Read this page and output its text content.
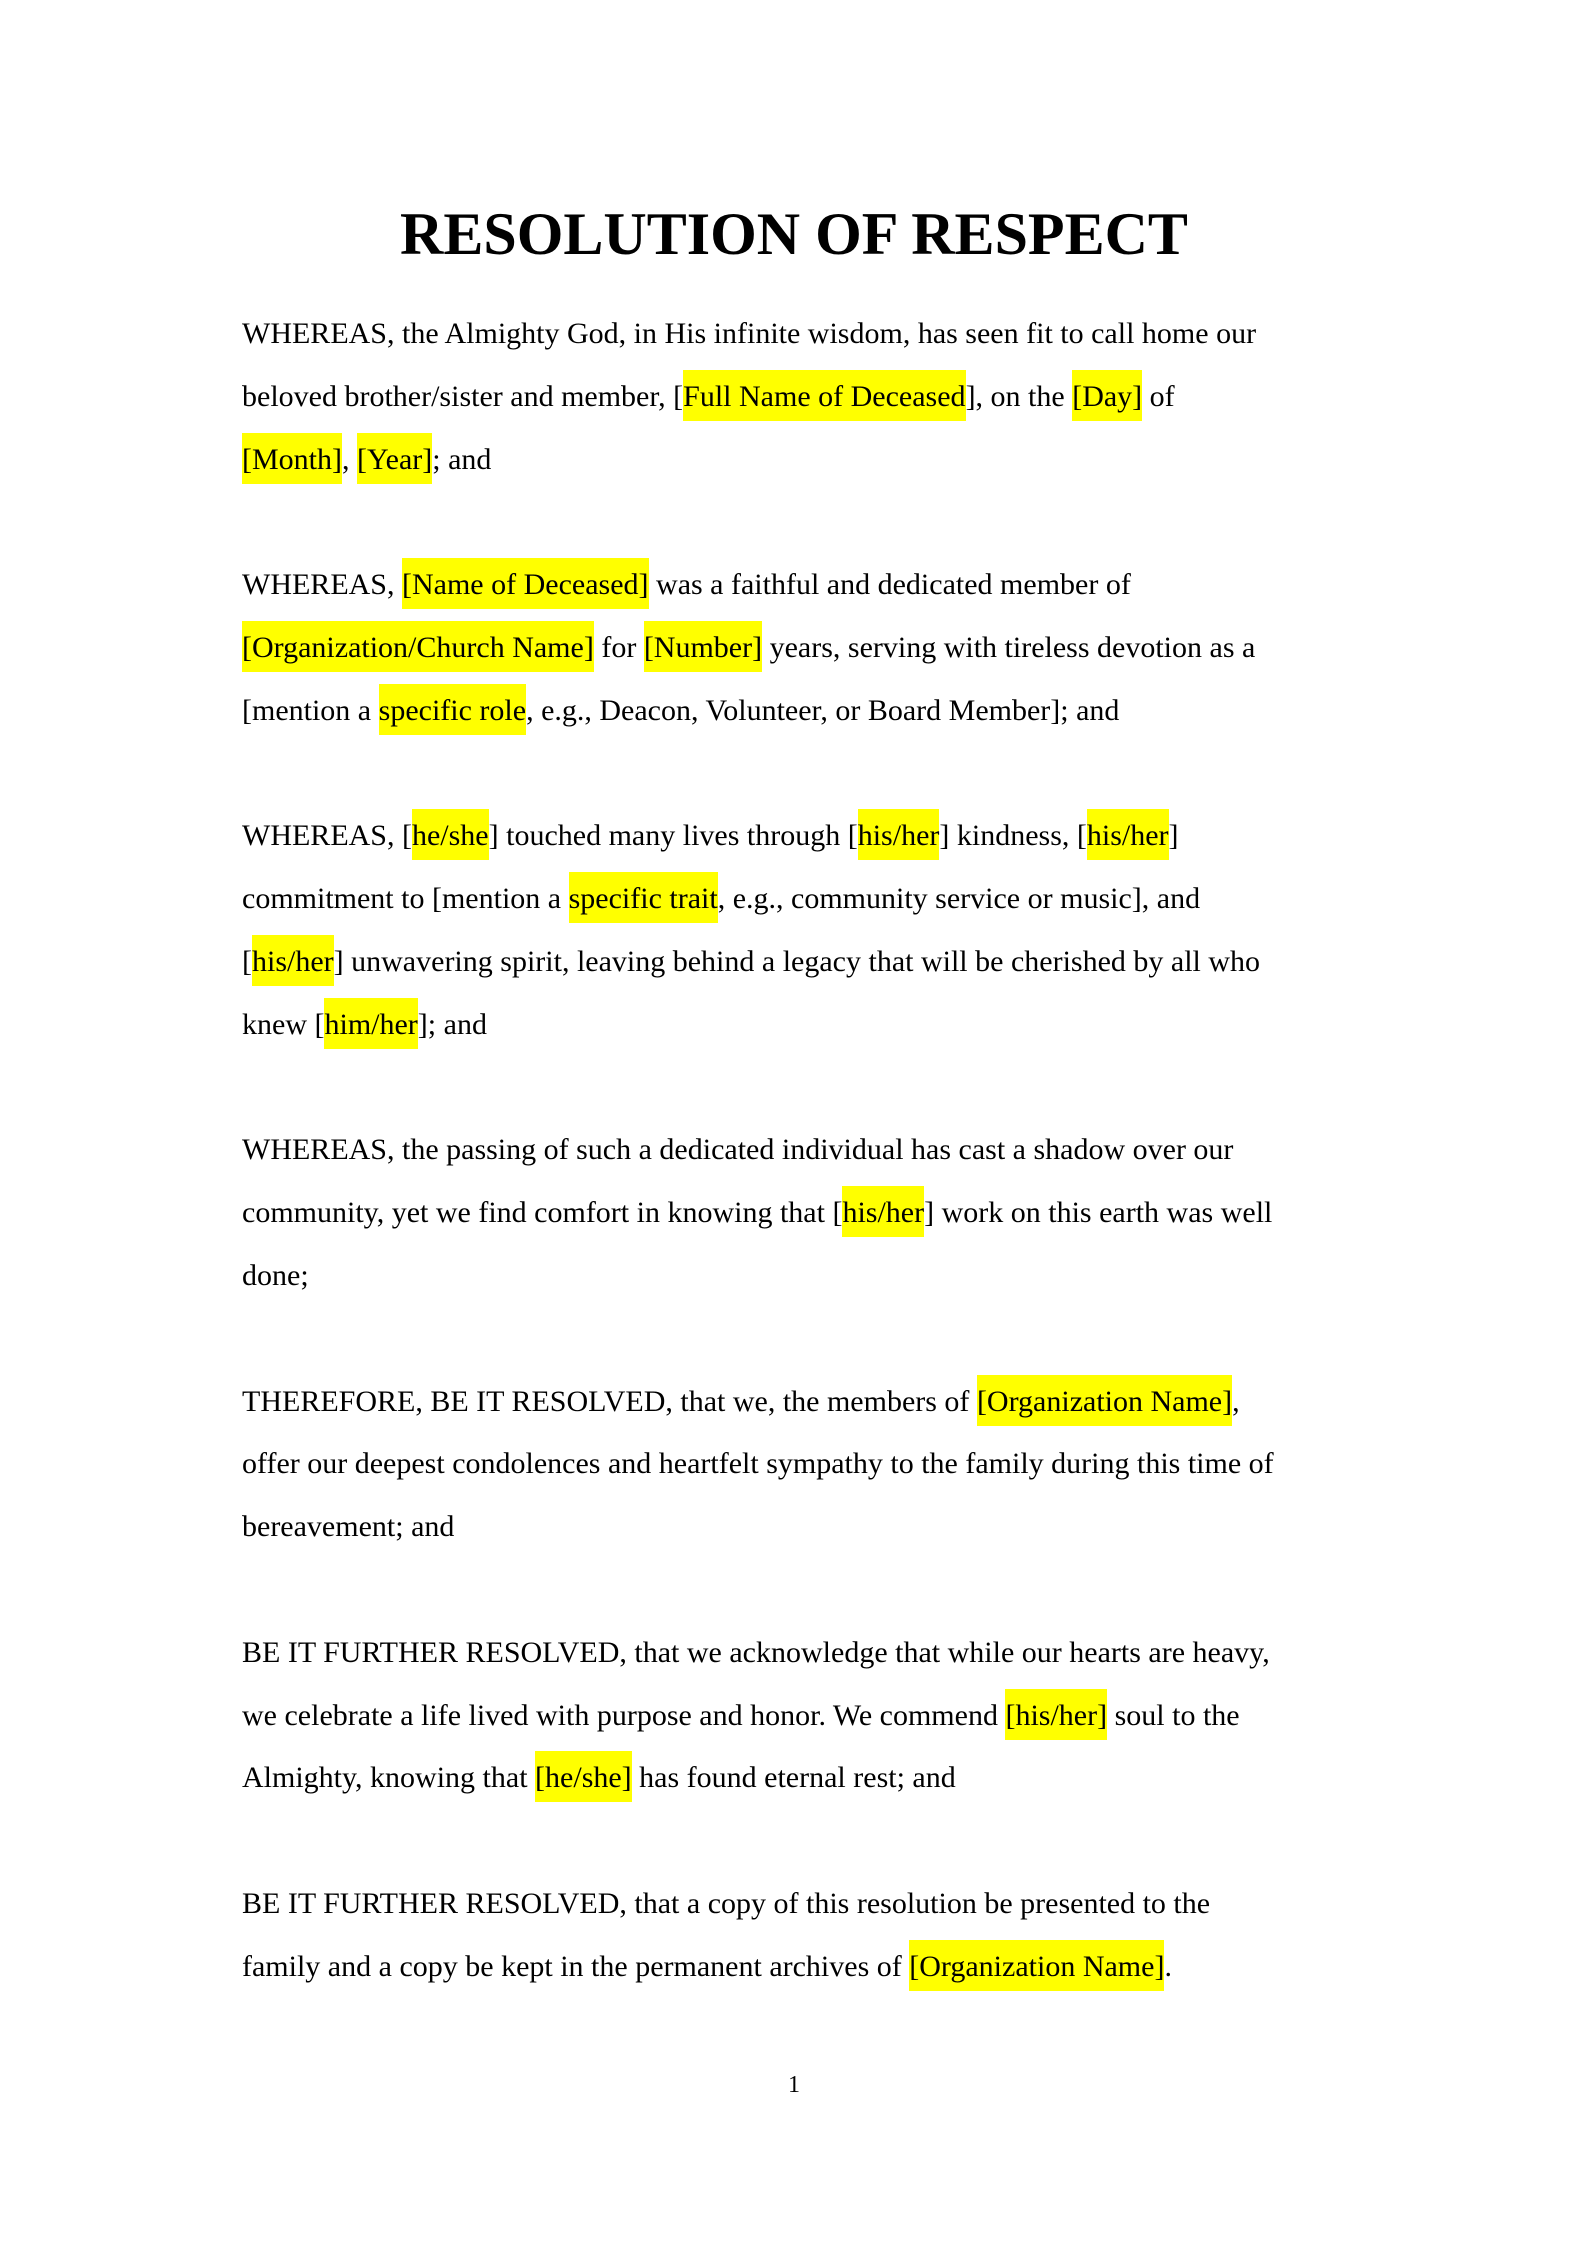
RESOLUTION OF RESPECT
WHEREAS, the Almighty God, in His infinite wisdom, has seen fit to call home our
beloved brother/sister and member, [Full Name of Deceased], on the [Day] of
[Month], [Year]; and
WHEREAS, [Name of Deceased] was a faithful and dedicated member of
[Organization/Church Name] for [Number] years, serving with tireless devotion as a
[mention a specific role, e.g., Deacon, Volunteer, or Board Member]; and
WHEREAS, [he/she] touched many lives through [his/her] kindness, [his/her]
commitment to [mention a specific trait, e.g., community service or music], and
[his/her] unwavering spirit, leaving behind a legacy that will be cherished by all who
knew [him/her]; and
WHEREAS, the passing of such a dedicated individual has cast a shadow over our
community, yet we find comfort in knowing that [his/her] work on this earth was well
done;
THEREFORE, BE IT RESOLVED, that we, the members of [Organization Name],
offer our deepest condolences and heartfelt sympathy to the family during this time of
bereavement; and
BE IT FURTHER RESOLVED, that we acknowledge that while our hearts are heavy,
we celebrate a life lived with purpose and honor. We commend [his/her] soul to the
Almighty, knowing that [he/she] has found eternal rest; and
BE IT FURTHER RESOLVED, that a copy of this resolution be presented to the
family and a copy be kept in the permanent archives of [Organization Name].
1
